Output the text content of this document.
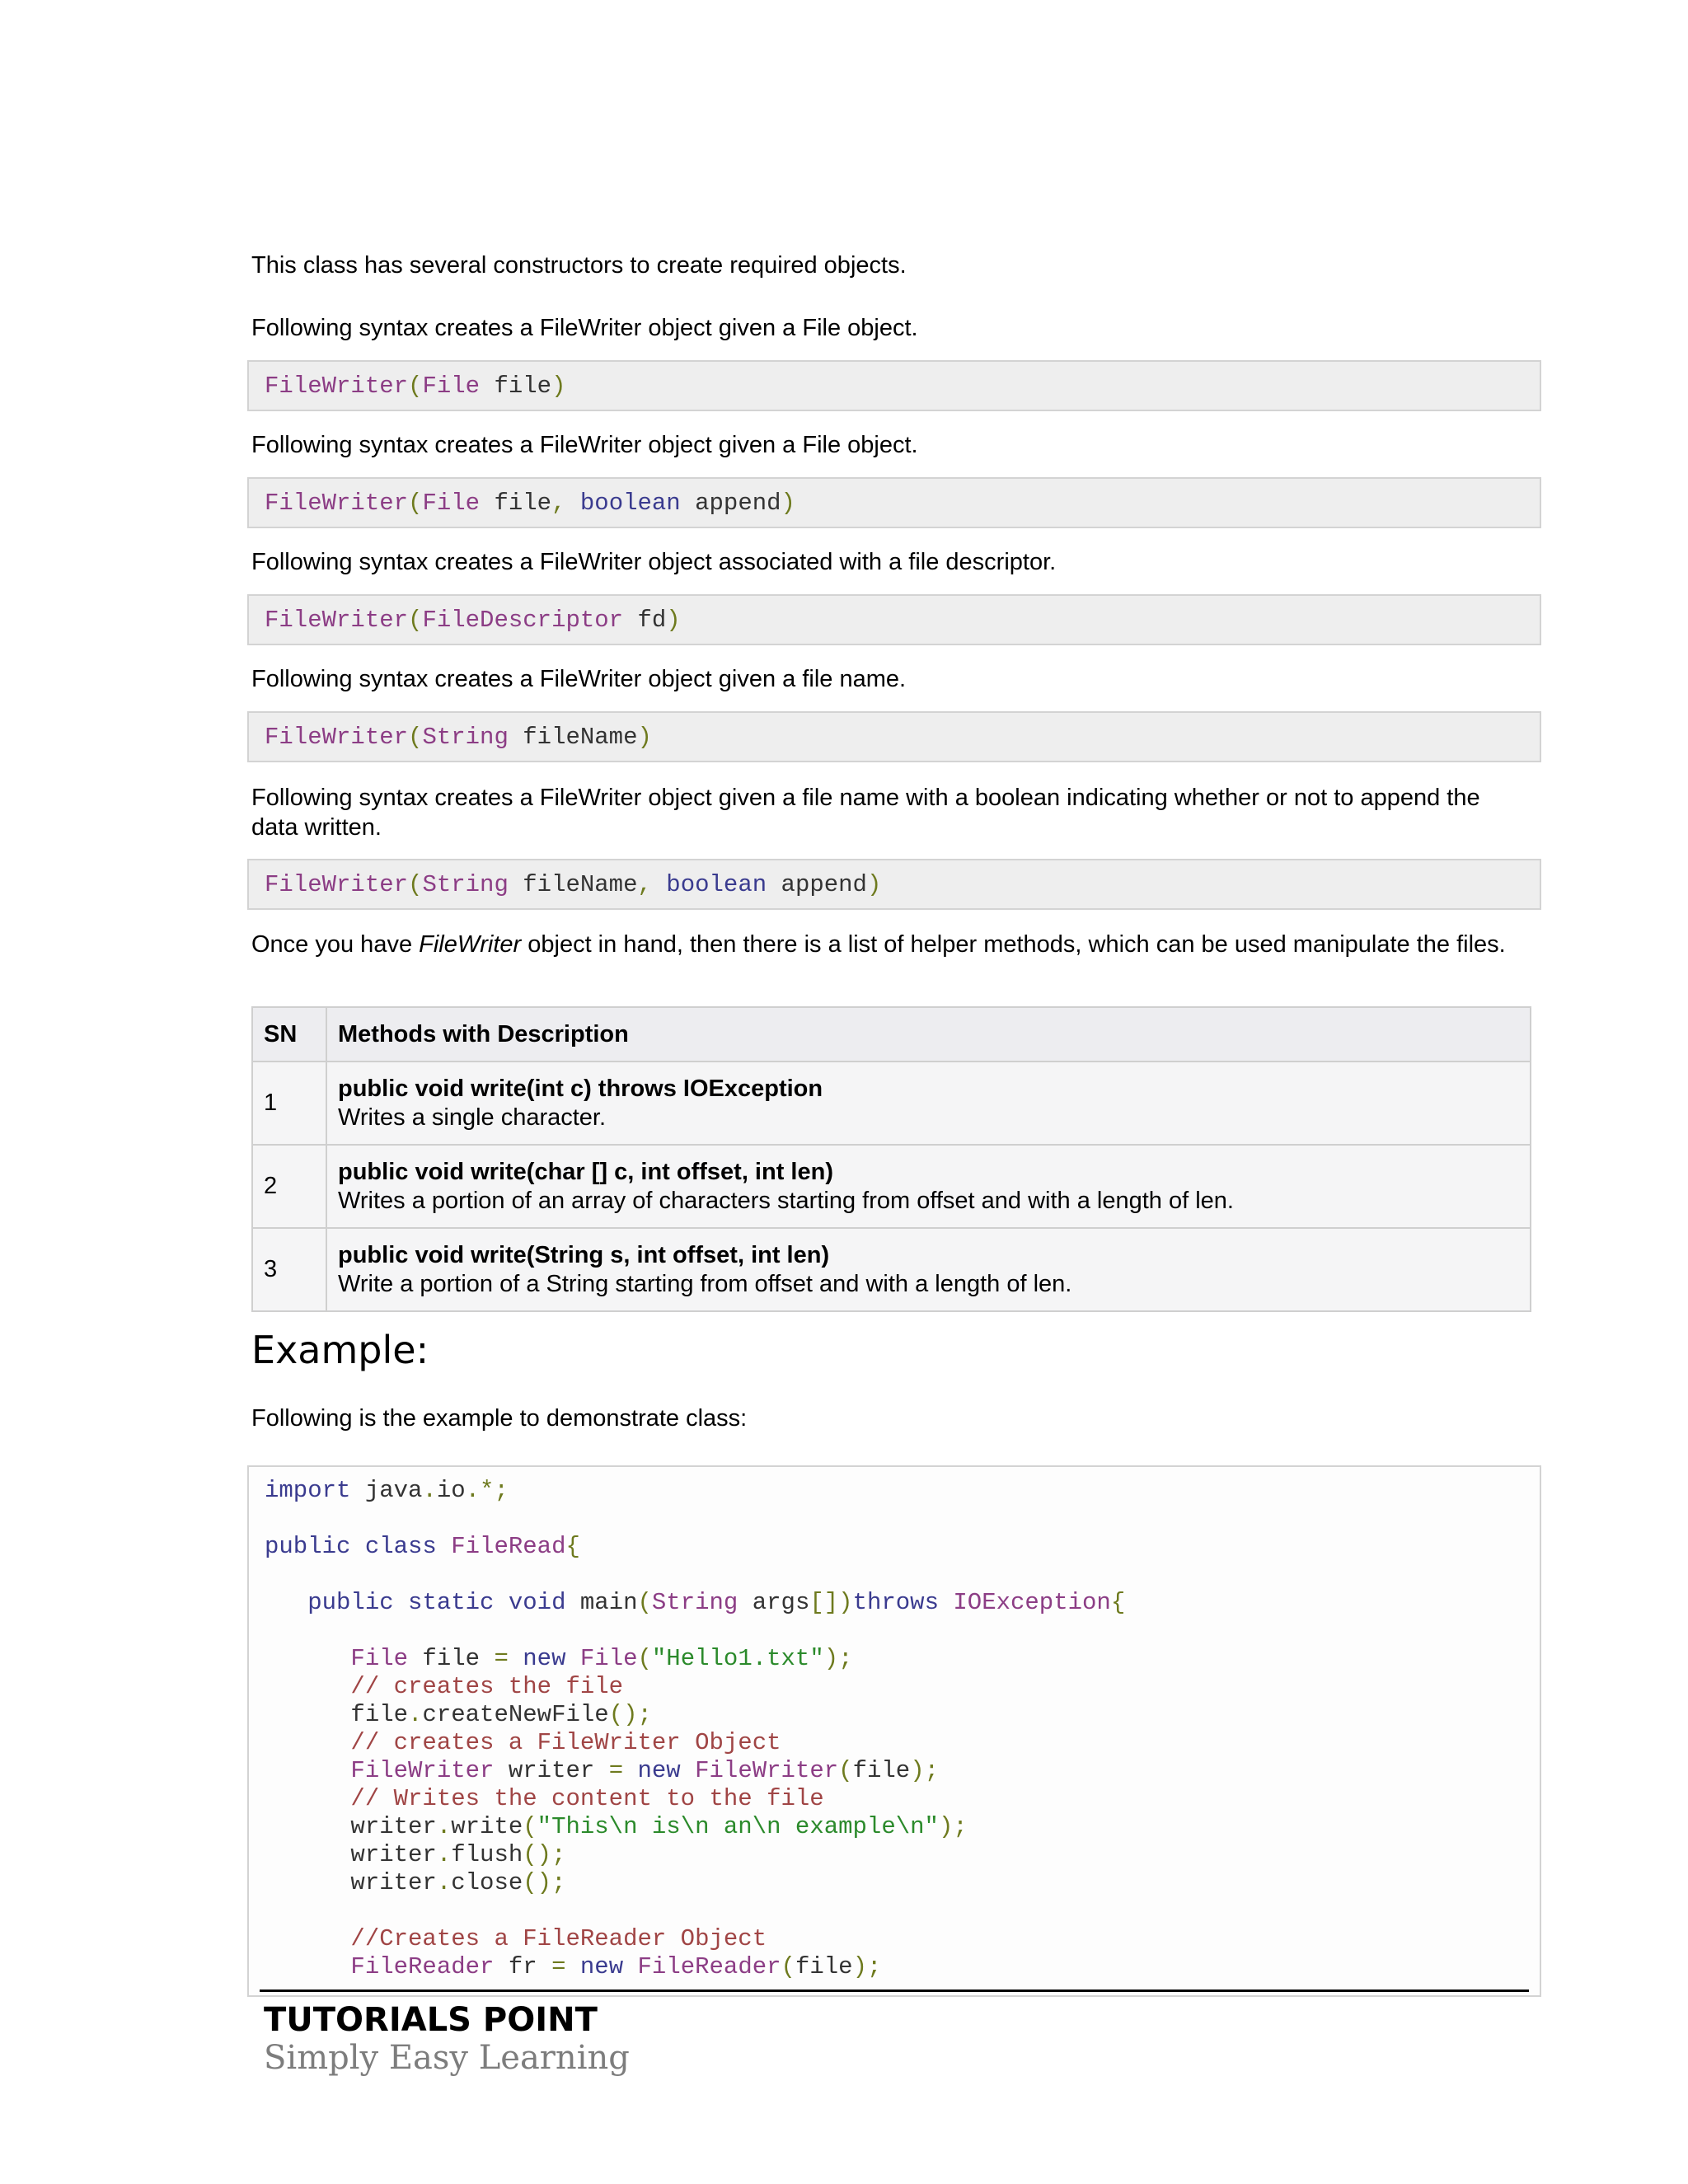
This class has several constructors to create required objects.

Following syntax creates a FileWriter object given a File object.

FileWriter(File file)

Following syntax creates a FileWriter object given a File object.

FileWriter(File file, boolean append)

Following syntax creates a FileWriter object associated with a file descriptor.

FileWriter(FileDescriptor fd)

Following syntax creates a FileWriter object given a file name.

FileWriter(String fileName)

Following syntax creates a FileWriter object given a file name with a boolean indicating whether or not to append the data written.

FileWriter(String fileName, boolean append)

Once you have FileWriter object in hand, then there is a list of helper methods, which can be used manipulate the files.

SN	Methods with Description
1	public void write(int c) throws IOException
Writes a single character.

2	public void write(char [] c, int offset, int len)
Writes a portion of an array of characters starting from offset and with a length of len.

3	public void write(String s, int offset, int len)
Write a portion of a String starting from offset and with a length of len.
Example:

Following is the example to demonstrate class:

import java.io.*;
public class FileRead{
public static void main(String args[])throws IOException{
File file = new File("Hello1.txt");
// creates the file
file.createNewFile();
// creates a FileWriter Object
FileWriter writer = new FileWriter(file);
// Writes the content to the file
writer.write("This\n is\n an\n example\n");
writer.flush();
writer.close();
//Creates a FileReader Object
FileReader fr = new FileReader(file);
TUTORIALS POINT
Simply Easy Learning
